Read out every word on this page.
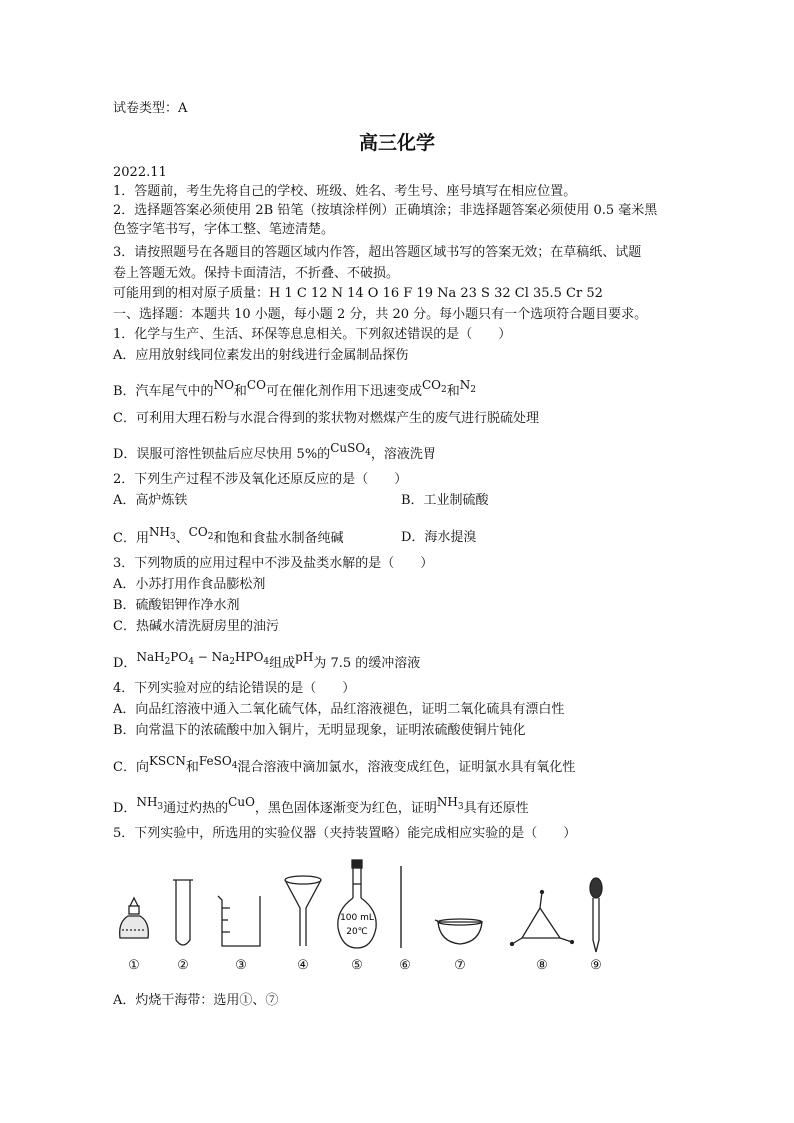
试卷类型：A
高三化学
2022.11
1．答题前，考生先将自己的学校、班级、姓名、考生号、座号填写在相应位置。
2．选择题答案必须使用 2B 铅笔（按填涂样例）正确填涂；非选择题答案必须使用 0.5 毫米黑
色签字笔书写，字体工整、笔迹清楚。
3．请按照题号在各题目的答题区域内作答，超出答题区域书写的答案无效；在草稿纸、试题
卷上答题无效。保持卡面清洁，不折叠、不破损。
可能用到的相对原子质量：H 1 C 12 N 14 O 16 F 19 Na 23 S 32 Cl 35.5 Cr 52
一、选择题：本题共 10 小题，每小题 2 分，共 20 分。每小题只有一个选项符合题目要求。
1．化学与生产、生活、环保等息息相关。下列叙述错误的是（　　）
A．应用放射线同位素发出的射线进行金属制品探伤
B．汽车尾气中的NO和CO可在催化剂作用下迅速变成$CO_2$和$N_2$
C．可利用大理石粉与水混合得到的浆状物对燃煤产生的废气进行脱硫处理
D．误服可溶性钡盐后应尽快用 5%的CuSO$_4$，溶液洗胃
2．下列生产过程不涉及氧化还原反应的是（　　）
A．高炉炼铁	B．工业制硫酸
C．用$NH_3$、$CO_2$和饱和食盐水制备纯碱	D．海水提溴
3．下列物质的应用过程中不涉及盐类水解的是（　　）
A．小苏打用作食品膨松剂
B．硫酸铝钾作净水剂
C．热碱水清洗厨房里的油污
D．$NaH_2PO_4 - Na_2HPO_4$组成pH为 7.5 的缓冲溶液
4．下列实验对应的结论错误的是（　　）
A．向品红溶液中通入二氧化硫气体，品红溶液褪色，证明二氧化硫具有漂白性
B．向常温下的浓硫酸中加入铜片，无明显现象，证明浓硫酸使铜片钝化
C．向KSCN和FeSO$_4$混合溶液中滴加氯水，溶液变成红色，证明氯水具有氧化性
D．$NH_3$通过灼热的CuO，黑色固体逐渐变为红色，证明$NH_3$具有还原性
5．下列实验中，所选用的实验仪器（夹持装置略）能完成相应实验的是（　　）
100 mL
20℃
①	②	③	④	⑤	⑥	⑦	⑧	⑨
A．灼烧干海带：选用①、⑦
